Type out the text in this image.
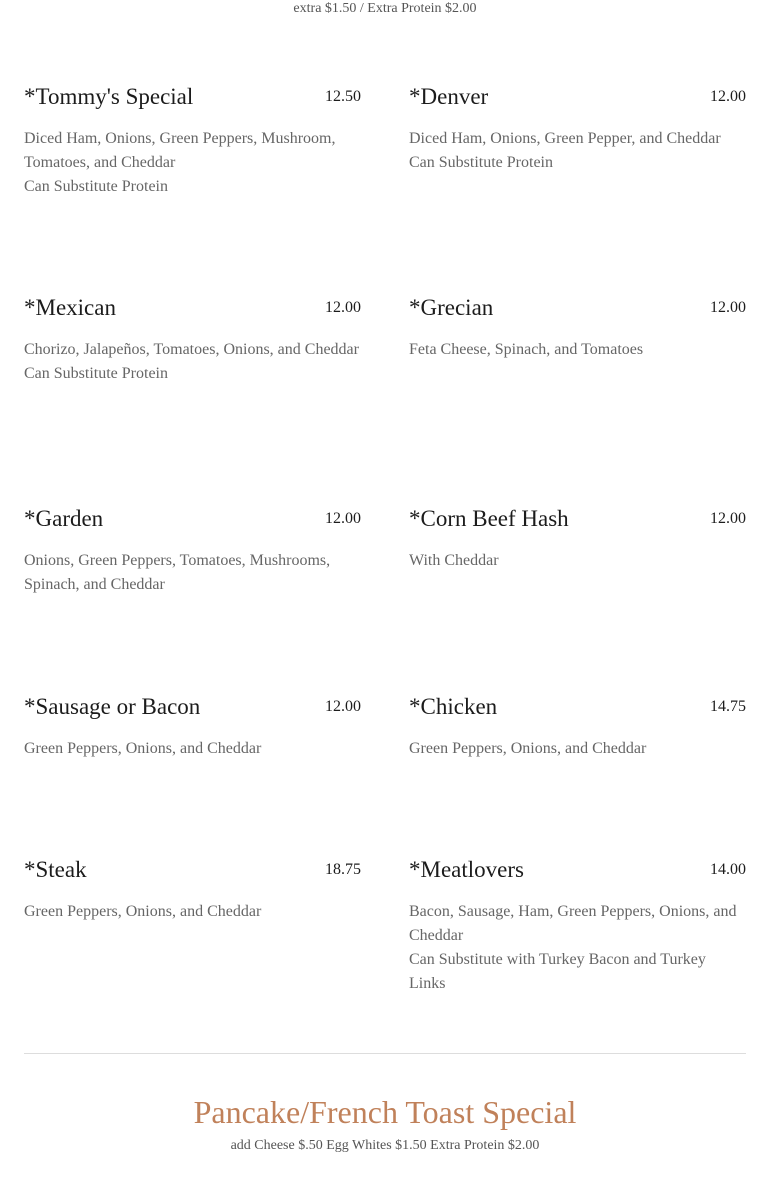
extra $1.50 / Extra Protein $2.00
*Tommy's Special	12.50
Diced Ham, Onions, Green Peppers, Mushroom, Tomatoes, and Cheddar
Can Substitute Protein
*Denver	12.00
Diced Ham, Onions, Green Pepper, and Cheddar
Can Substitute Protein
*Mexican	12.00
Chorizo, Jalapeños, Tomatoes, Onions, and Cheddar
Can Substitute Protein
*Grecian	12.00
Feta Cheese, Spinach, and Tomatoes
*Garden	12.00
Onions, Green Peppers, Tomatoes, Mushrooms, Spinach, and Cheddar
*Corn Beef Hash	12.00
With Cheddar
*Sausage or Bacon	12.00
Green Peppers, Onions, and Cheddar
*Chicken	14.75
Green Peppers, Onions, and Cheddar
*Steak	18.75
Green Peppers, Onions, and Cheddar
*Meatlovers	14.00
Bacon, Sausage, Ham, Green Peppers, Onions, and Cheddar
Can Substitute with Turkey Bacon and Turkey Links
Pancake/French Toast Special
add Cheese $.50 Egg Whites $1.50 Extra Protein $2.00
